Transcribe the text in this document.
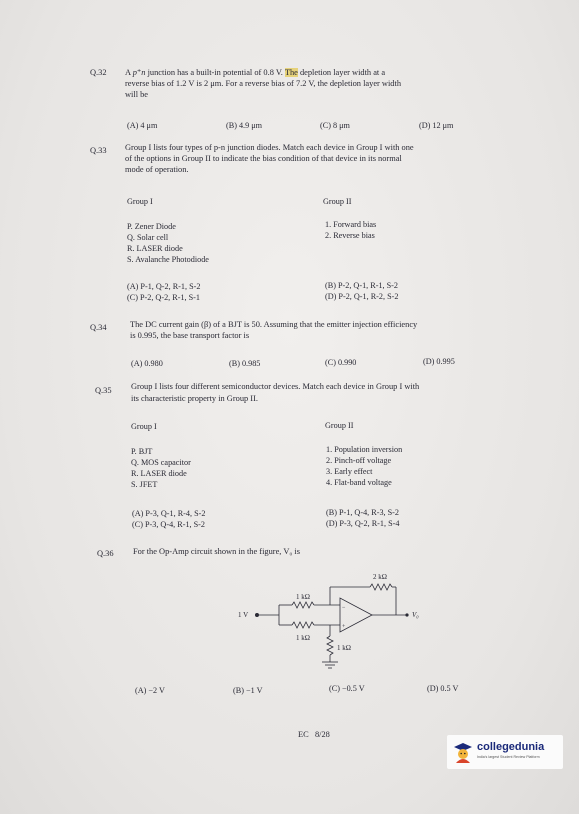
Q.32 A p⁺n junction has a built-in potential of 0.8 V. The depletion layer width at a
reverse bias of 1.2 V is 2 μm. For a reverse bias of 7.2 V, the depletion layer width
will be
(A) 4 μm	(B) 4.9 μm	(C) 8 μm	(D) 12 μm
Q.33 Group I lists four types of p-n junction diodes. Match each device in Group I with one
of the options in Group II to indicate the bias condition of that device in its normal
mode of operation.
Group I	Group II
P. Zener Diode
Q. Solar cell
R. LASER diode
S. Avalanche Photodiode
1. Forward bias
2. Reverse bias
(A) P-1, Q-2, R-1, S-2	(B) P-2, Q-1, R-1, S-2
(C) P-2, Q-2, R-1, S-1	(D) P-2, Q-1, R-2, S-2
Q.34	The DC current gain (β) of a BJT is 50. Assuming that the emitter injection efficiency
is 0.995, the base transport factor is
(A) 0.980	(B) 0.985	(C) 0.990	(D) 0.995
Q.35 Group I lists four different semiconductor devices. Match each device in Group I with
its characteristic property in Group II.
Group I	Group II
P. BJT
Q. MOS capacitor
R. LASER diode
S. JFET
1. Population inversion
2. Pinch-off voltage
3. Early effect
4. Flat-band voltage
(A) P-3, Q-1, R-4, S-2	(B) P-1, Q-4, R-3, S-2
(C) P-3, Q-4, R-1, S-2	(D) P-3, Q-2, R-1, S-4
Q.36 For the Op-Amp circuit shown in the figure, V₀ is
−
+
2 kΩ
1 kΩ
1 kΩ
1 kΩ
1 V	V₀
(A) −2 V	(B) −1 V	(C) −0.5 V	(D) 0.5 V
EC   8/28
collegedunia
India's largest Student Review Platform
